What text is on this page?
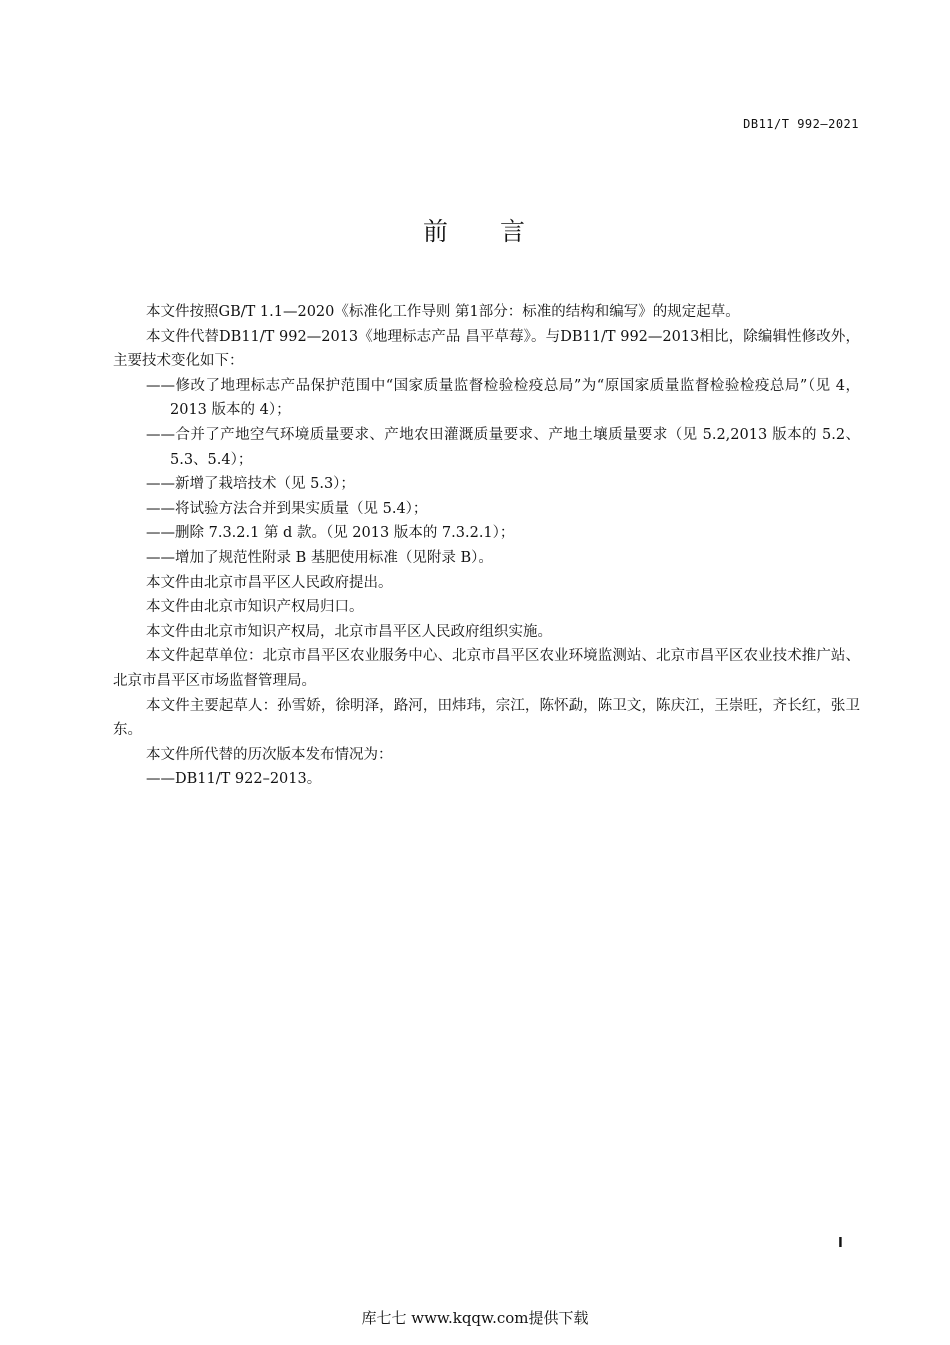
DB11/T 992—2021
前 言

本文件按照GB/T 1.1—2020《标准化工作导则 第1部分：标准的结构和编写》的规定起草。

本文件代替DB11/T 992—2013《地理标志产品 昌平草莓》。与DB11/T 992—2013相比，除编辑性修改外，主要技术变化如下：

——修改了地理标志产品保护范围中“国家质量监督检验检疫总局”为“原国家质量监督检验检疫总局”（见 4，2013 版本的 4）；

——合并了产地空气环境质量要求、产地农田灌溉质量要求、产地土壤质量要求（见 5.2,2013 版本的 5.2、5.3、5.4）；

——新增了栽培技术（见 5.3）；

——将试验方法合并到果实质量（见 5.4）；

——删除 7.3.2.1 第 d 款。（见 2013 版本的 7.3.2.1）；

——增加了规范性附录 B 基肥使用标准（见附录 B）。

本文件由北京市昌平区人民政府提出。

本文件由北京市知识产权局归口。

本文件由北京市知识产权局，北京市昌平区人民政府组织实施。

本文件起草单位：北京市昌平区农业服务中心、北京市昌平区农业环境监测站、北京市昌平区农业技术推广站、北京市昌平区市场监督管理局。

本文件主要起草人：孙雪娇，徐明泽，路河，田炜玮，宗江，陈怀勐，陈卫文，陈庆江，王崇旺，齐长红，张卫东。

本文件所代替的历次版本发布情况为：

——DB11/T 922–2013。

I
库七七 www.kqqw.com提供下载
